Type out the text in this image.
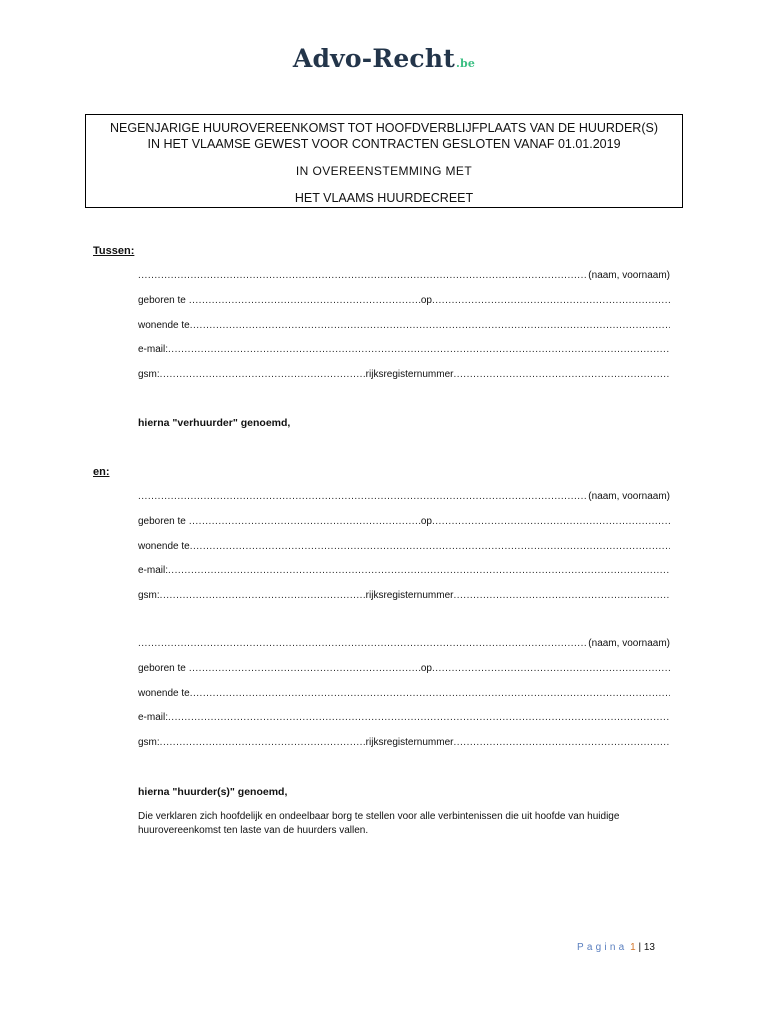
Advo-Recht.be
NEGENJARIGE HUUROVEREENKOMST TOT HOOFDVERBLIJFPLAATS VAN DE HUURDER(S)
IN HET VLAAMSE GEWEST VOOR CONTRACTEN GESLOTEN VANAF 01.01.2019
IN OVEREENSTEMMING MET
HET VLAAMS HUURDECREET
Tussen:
.....
(naam, voornaam)
geboren te .....	op
.....
wonende te
.....
e-mail:
.....
gsm: .....	rijksregisternummer
.....
hierna "verhuurder" genoemd,
en:
.....
(naam, voornaam)
geboren te .....	op
.....
wonende te
.....
e-mail:
.....
gsm: .....	rijksregisternummer
.....
.....
(naam, voornaam)
geboren te .....	op
.....
wonende te
.....
e-mail:
.....
gsm: .....	rijksregisternummer
.....
hierna "huurder(s)" genoemd,
Die verklaren zich hoofdelijk en ondeelbaar borg te stellen voor alle verbintenissen die uit hoofde van huidige huurovereenkomst ten laste van de huurders vallen.
Pagina 1 | 13
